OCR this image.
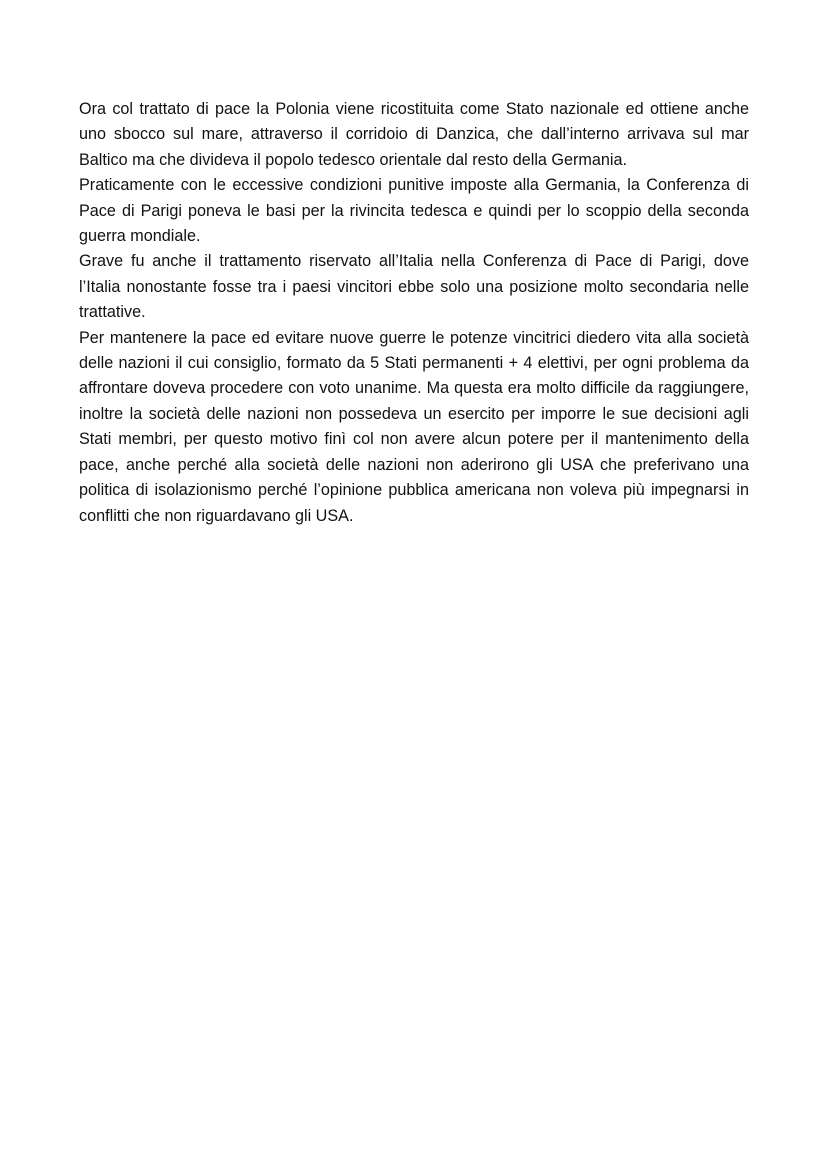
Ora col trattato di pace la Polonia viene ricostituita come Stato nazionale ed ottiene anche uno sbocco sul mare, attraverso il corridoio di Danzica, che dall’interno arrivava sul mar Baltico ma che divideva il popolo tedesco orientale dal resto della Germania.

Praticamente con le eccessive condizioni punitive imposte alla Germania, la Conferenza di Pace di Parigi poneva le basi per la rivincita tedesca e quindi per lo scoppio della seconda guerra mondiale.

Grave fu anche il trattamento riservato all’Italia nella Conferenza di Pace di Parigi, dove l’Italia nonostante fosse tra i paesi vincitori ebbe solo una posizione molto secondaria nelle trattative.

Per mantenere la pace ed evitare nuove guerre le potenze vincitrici diedero vita alla società delle nazioni il cui consiglio, formato da 5 Stati permanenti + 4 elettivi, per ogni problema da affrontare doveva procedere con voto unanime. Ma questa era molto difficile da raggiungere, inoltre la società delle nazioni non possedeva un esercito per imporre le sue decisioni agli Stati membri, per questo motivo finì col non avere alcun potere per il mantenimento della pace, anche perché alla società delle nazioni non aderirono gli USA che preferivano una politica di isolazionismo perché l’opinione pubblica americana non voleva più impegnarsi in conflitti che non riguardavano gli USA.
